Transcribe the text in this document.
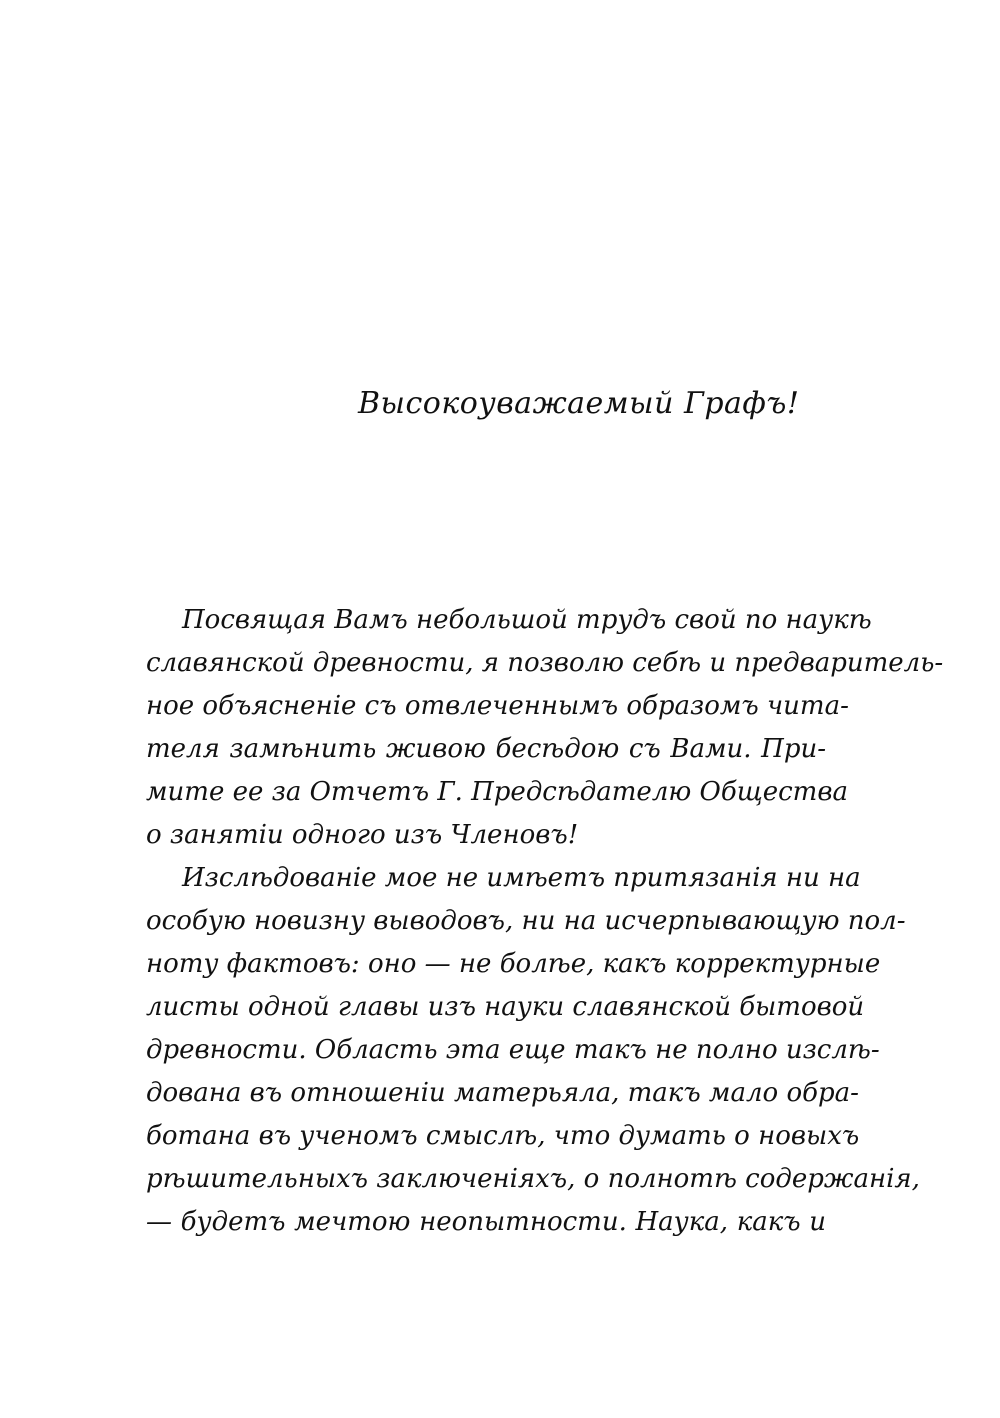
Высокоуважаемый Графъ!
Посвящая Вамъ небольшой трудъ свой по наукѣ
славянской древности, я позволю себѣ и предваритель-
ное объясненіе съ отвлеченнымъ образомъ чита-
теля замѣнить живою бесѣдою съ Вами. При-
мите ее за Отчетъ Г. Предсѣдателю Общества
о занятіи одного изъ Членовъ!
Изслѣдованіе мое не имѣетъ притязанія ни на
особую новизну выводовъ, ни на исчерпывающую пол-
ноту фактовъ: оно — не болѣе, какъ корректурные
листы одной главы изъ науки славянской бытовой
древности. Область эта еще такъ не полно изслѣ-
дована въ отношеніи матерьяла, такъ мало обра-
ботана въ ученомъ смыслѣ, что думать о новыхъ
рѣшительныхъ заключеніяхъ, о полнотѣ содержанія,
— будетъ мечтою неопытности. Наука, какъ и
